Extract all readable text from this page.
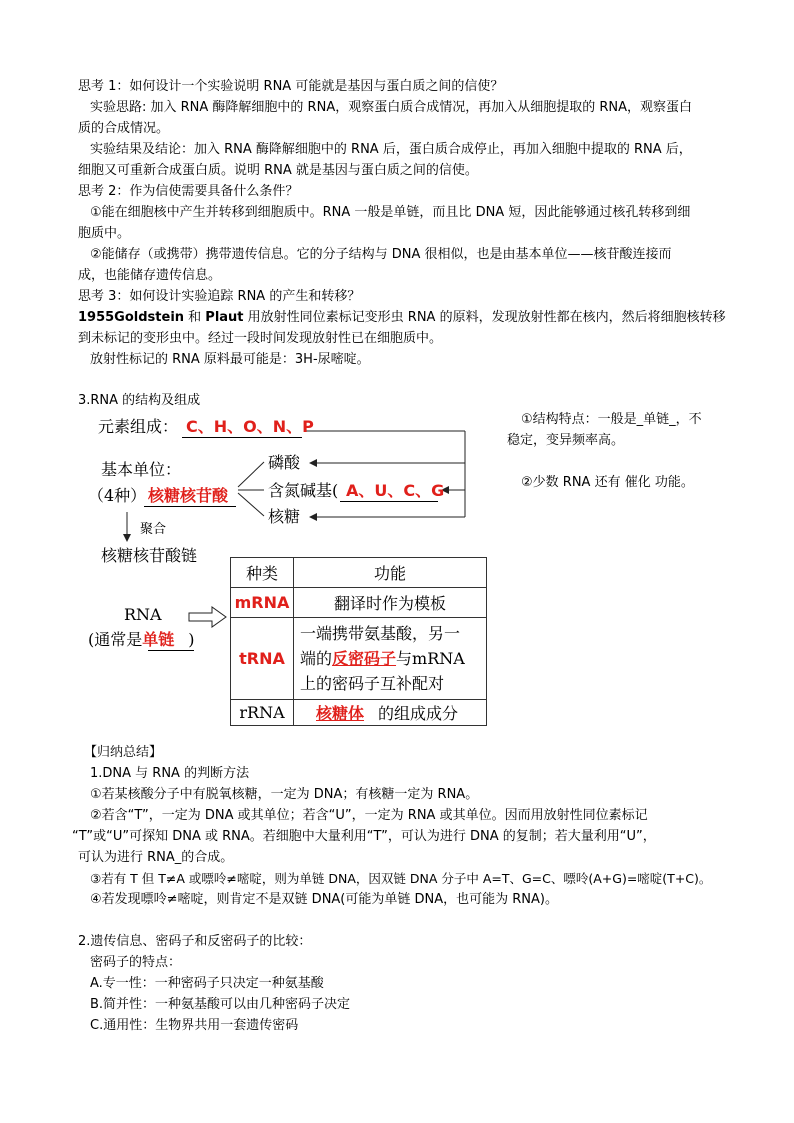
思考 1：如何设计一个实验说明 RNA 可能就是基因与蛋白质之间的信使？
实验思路: 加入 RNA 酶降解细胞中的 RNA，观察蛋白质合成情况，再加入从细胞提取的 RNA，观察蛋白
质的合成情况。
实验结果及结论：加入 RNA 酶降解细胞中的 RNA 后，蛋白质合成停止，再加入细胞中提取的 RNA 后，
细胞又可重新合成蛋白质。说明 RNA 就是基因与蛋白质之间的信使。
思考 2：作为信使需要具备什么条件？
①能在细胞核中产生并转移到细胞质中。RNA 一般是单链，而且比 DNA 短，因此能够通过核孔转移到细
胞质中。
②能储存（或携带）携带遗传信息。它的分子结构与 DNA 很相似，也是由基本单位——核苷酸连接而
成，也能储存遗传信息。
思考 3：如何设计实验追踪 RNA 的产生和转移？
1955Goldstein 和 Plaut 用放射性同位素标记变形虫 RNA 的原料，发现放射性都在核内，然后将细胞核转移
到未标记的变形虫中。经过一段时间发现放射性已在细胞质中。
放射性标记的 RNA 原料最可能是：3H-尿嘧啶。
3.RNA 的结构及组成
元素组成： C、H、O、N、P
基本单位：
（4种） 核糖核苷酸
磷酸
含氮碱基( A、U、C、G
核糖
聚合
核糖核苷酸链
RNA
(通常是单链 )
种类	功能
mRNA	翻译时作为模板
tRNA	一端携带氨基酸，另一
端的反密码子与mRNA
上的密码子互补配对

rRNA	核糖体 的组成成分
①结构特点：一般是_单链_，不
稳定，变异频率高。
②少数 RNA 还有 催化 功能。
【归纳总结】
1.DNA 与 RNA 的判断方法
①若某核酸分子中有脱氧核糖，一定为 DNA；有核糖一定为 RNA。
②若含“T”，一定为 DNA 或其单位；若含“U”，一定为 RNA 或其单位。因而用放射性同位素标记
“T”或“U”可探知 DNA 或 RNA。若细胞中大量利用“T”，可认为进行 DNA 的复制；若大量利用“U”，
可认为进行 RNA_的合成。
③若有 T 但 T≠A 或嘌呤≠嘧啶，则为单链 DNA，因双链 DNA 分子中 A=T、G=C、嘌呤(A+G)=嘧啶(T+C)。
④若发现嘌呤≠嘧啶，则肯定不是双链 DNA(可能为单链 DNA，也可能为 RNA)。
2.遗传信息、密码子和反密码子的比较：
密码子的特点：
A.专一性：一种密码子只决定一种氨基酸
B.简并性：一种氨基酸可以由几种密码子决定
C.通用性：生物界共用一套遗传密码
